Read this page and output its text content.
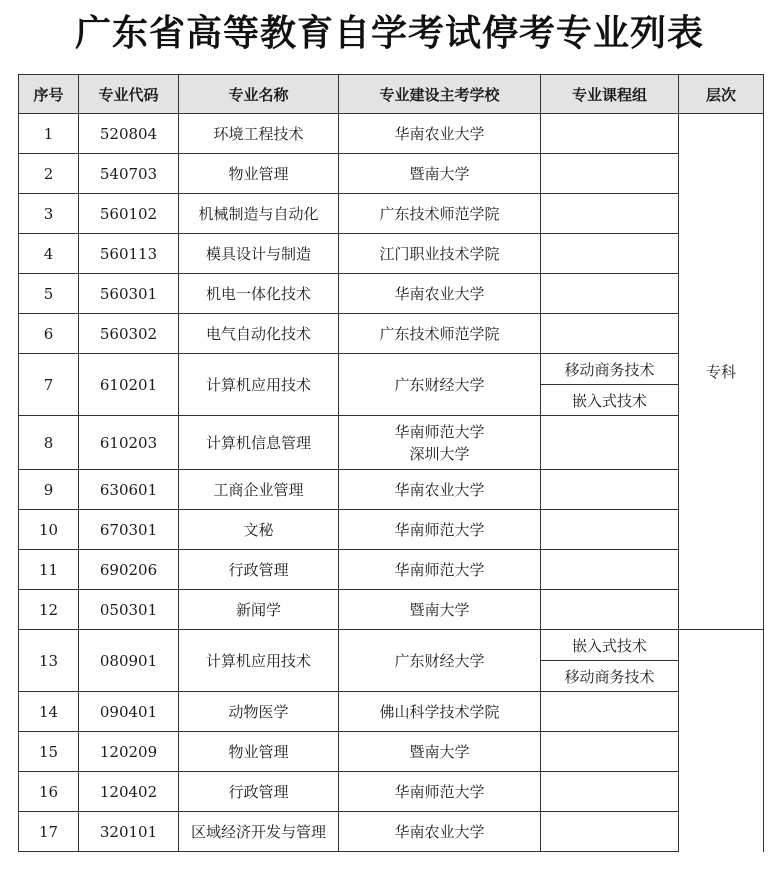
广东省高等教育自学考试停考专业列表
序号	专业代码	专业名称	专业建设主考学校	专业课程组	层次	
1	520804	环境工程技术	华南农业大学		专科	
2	540703	物业管理	暨南大学			
3	560102	机械制造与自动化	广东技术师范学院			
4	560113	模具设计与制造	江门职业技术学院			
5	560301	机电一体化技术	华南农业大学			
6	560302	电气自动化技术	广东技术师范学院			
7	610201	计算机应用技术	广东财经大学	移动商务技术		
				嵌入式技术		
8	610203	计算机信息管理	华南师范大学
深圳大学			

9	630601	工商企业管理	华南农业大学			
10	670301	文秘	华南师范大学			
11	690206	行政管理	华南师范大学			
12	050301	新闻学	暨南大学		
13	080901	计算机应用技术	广东财经大学	嵌入式技术		
				移动商务技术		
14	090401	动物医学	佛山科学技术学院			
15	120209	物业管理	暨南大学			
16	120402	行政管理	华南师范大学			
17	320101	区域经济开发与管理	华南农业大学			
